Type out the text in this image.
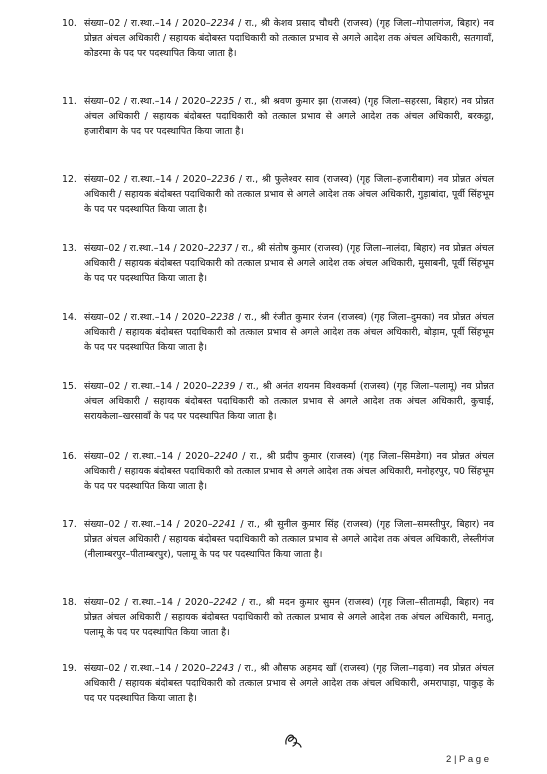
10. संख्या–02 / रा.स्था.–14 / 2020–2234 / रा., श्री केशव प्रसाद चौधरी (राजस्व) (गृह जिला–गोपालगंज, बिहार) नव प्रोन्नत अंचल अधिकारी / सहायक बंदोबस्त पदाधिकारी को तत्काल प्रभाव से अगले आदेश तक अंचल अधिकारी, सतगावाँ, कोडरमा के पद पर पदस्थापित किया जाता है।
11. संख्या–02 / रा.स्था.–14 / 2020–2235 / रा., श्री श्रवण कुमार झा (राजस्व) (गृह जिला–सहरसा, बिहार) नव प्रोन्नत अंचल अधिकारी / सहायक बंदोबस्त पदाधिकारी को तत्काल प्रभाव से अगले आदेश तक अंचल अधिकारी, बरकट्ठा, हजारीबाग के पद पर पदस्थापित किया जाता है।
12. संख्या–02 / रा.स्था.–14 / 2020–2236 / रा., श्री फुलेश्वर साव (राजस्व) (गृह जिला–हजारीबाग) नव प्रोन्नत अंचल अधिकारी / सहायक बंदोबस्त पदाधिकारी को तत्काल प्रभाव से अगले आदेश तक अंचल अधिकारी, गुड़ाबांदा, पूर्वी सिंहभूम के पद पर पदस्थापित किया जाता है।
13. संख्या–02 / रा.स्था.–14 / 2020–2237 / रा., श्री संतोष कुमार (राजस्व) (गृह जिला–नालंदा, बिहार) नव प्रोन्नत अंचल अधिकारी / सहायक बंदोबस्त पदाधिकारी को तत्काल प्रभाव से अगले आदेश तक अंचल अधिकारी, मुसाबनी, पूर्वी सिंहभूम के पद पर पदस्थापित किया जाता है।
14. संख्या–02 / रा.स्था.–14 / 2020–2238 / रा., श्री रंजीत कुमार रंजन (राजस्व) (गृह जिला–दुमका) नव प्रोन्नत अंचल अधिकारी / सहायक बंदोबस्त पदाधिकारी को तत्काल प्रभाव से अगले आदेश तक अंचल अधिकारी, बोड़ाम, पूर्वी सिंहभूम के पद पर पदस्थापित किया जाता है।
15. संख्या–02 / रा.स्था.–14 / 2020–2239 / रा., श्री अनंत शयनम विश्वकर्मा (राजस्व) (गृह जिला–पलामू) नव प्रोन्नत अंचल अधिकारी / सहायक बंदोबस्त पदाधिकारी को तत्काल प्रभाव से अगले आदेश तक अंचल अधिकारी, कुचाई, सरायकेला–खरसावाँ के पद पर पदस्थापित किया जाता है।
16. संख्या–02 / रा.स्था.–14 / 2020–2240 / रा., श्री प्रदीप कुमार (राजस्व) (गृह जिला–सिमडेगा) नव प्रोन्नत अंचल अधिकारी / सहायक बंदोबस्त पदाधिकारी को तत्काल प्रभाव से अगले आदेश तक अंचल अधिकारी, मनोहरपुर, प0 सिंहभूम के पद पर पदस्थापित किया जाता है।
17. संख्या–02 / रा.स्था.–14 / 2020–2241 / रा., श्री सुनील कुमार सिंह (राजस्व) (गृह जिला–समस्तीपुर, बिहार) नव प्रोन्नत अंचल अधिकारी / सहायक बंदोबस्त पदाधिकारी को तत्काल प्रभाव से अगले आदेश तक अंचल अधिकारी, लेस्लीगंज (नीलाम्बरपुर–पीताम्बरपुर), पलामू के पद पर पदस्थापित किया जाता है।
18. संख्या–02 / रा.स्था.–14 / 2020–2242 / रा., श्री मदन कुमार सुमन (राजस्व) (गृह जिला–सीतामढ़ी, बिहार) नव प्रोन्नत अंचल अधिकारी / सहायक बंदोबस्त पदाधिकारी को तत्काल प्रभाव से अगले आदेश तक अंचल अधिकारी, मनातु, पलामू के पद पर पदस्थापित किया जाता है।
19. संख्या–02 / रा.स्था.–14 / 2020–2243 / रा., श्री औसफ अहमद खाँ (राजस्व) (गृह जिला–गढ़वा) नव प्रोन्नत अंचल अधिकारी / सहायक बंदोबस्त पदाधिकारी को तत्काल प्रभाव से अगले आदेश तक अंचल अधिकारी, अमरापाड़ा, पाकुड़ के पद पर पदस्थापित किया जाता है।
2 | P a g e
